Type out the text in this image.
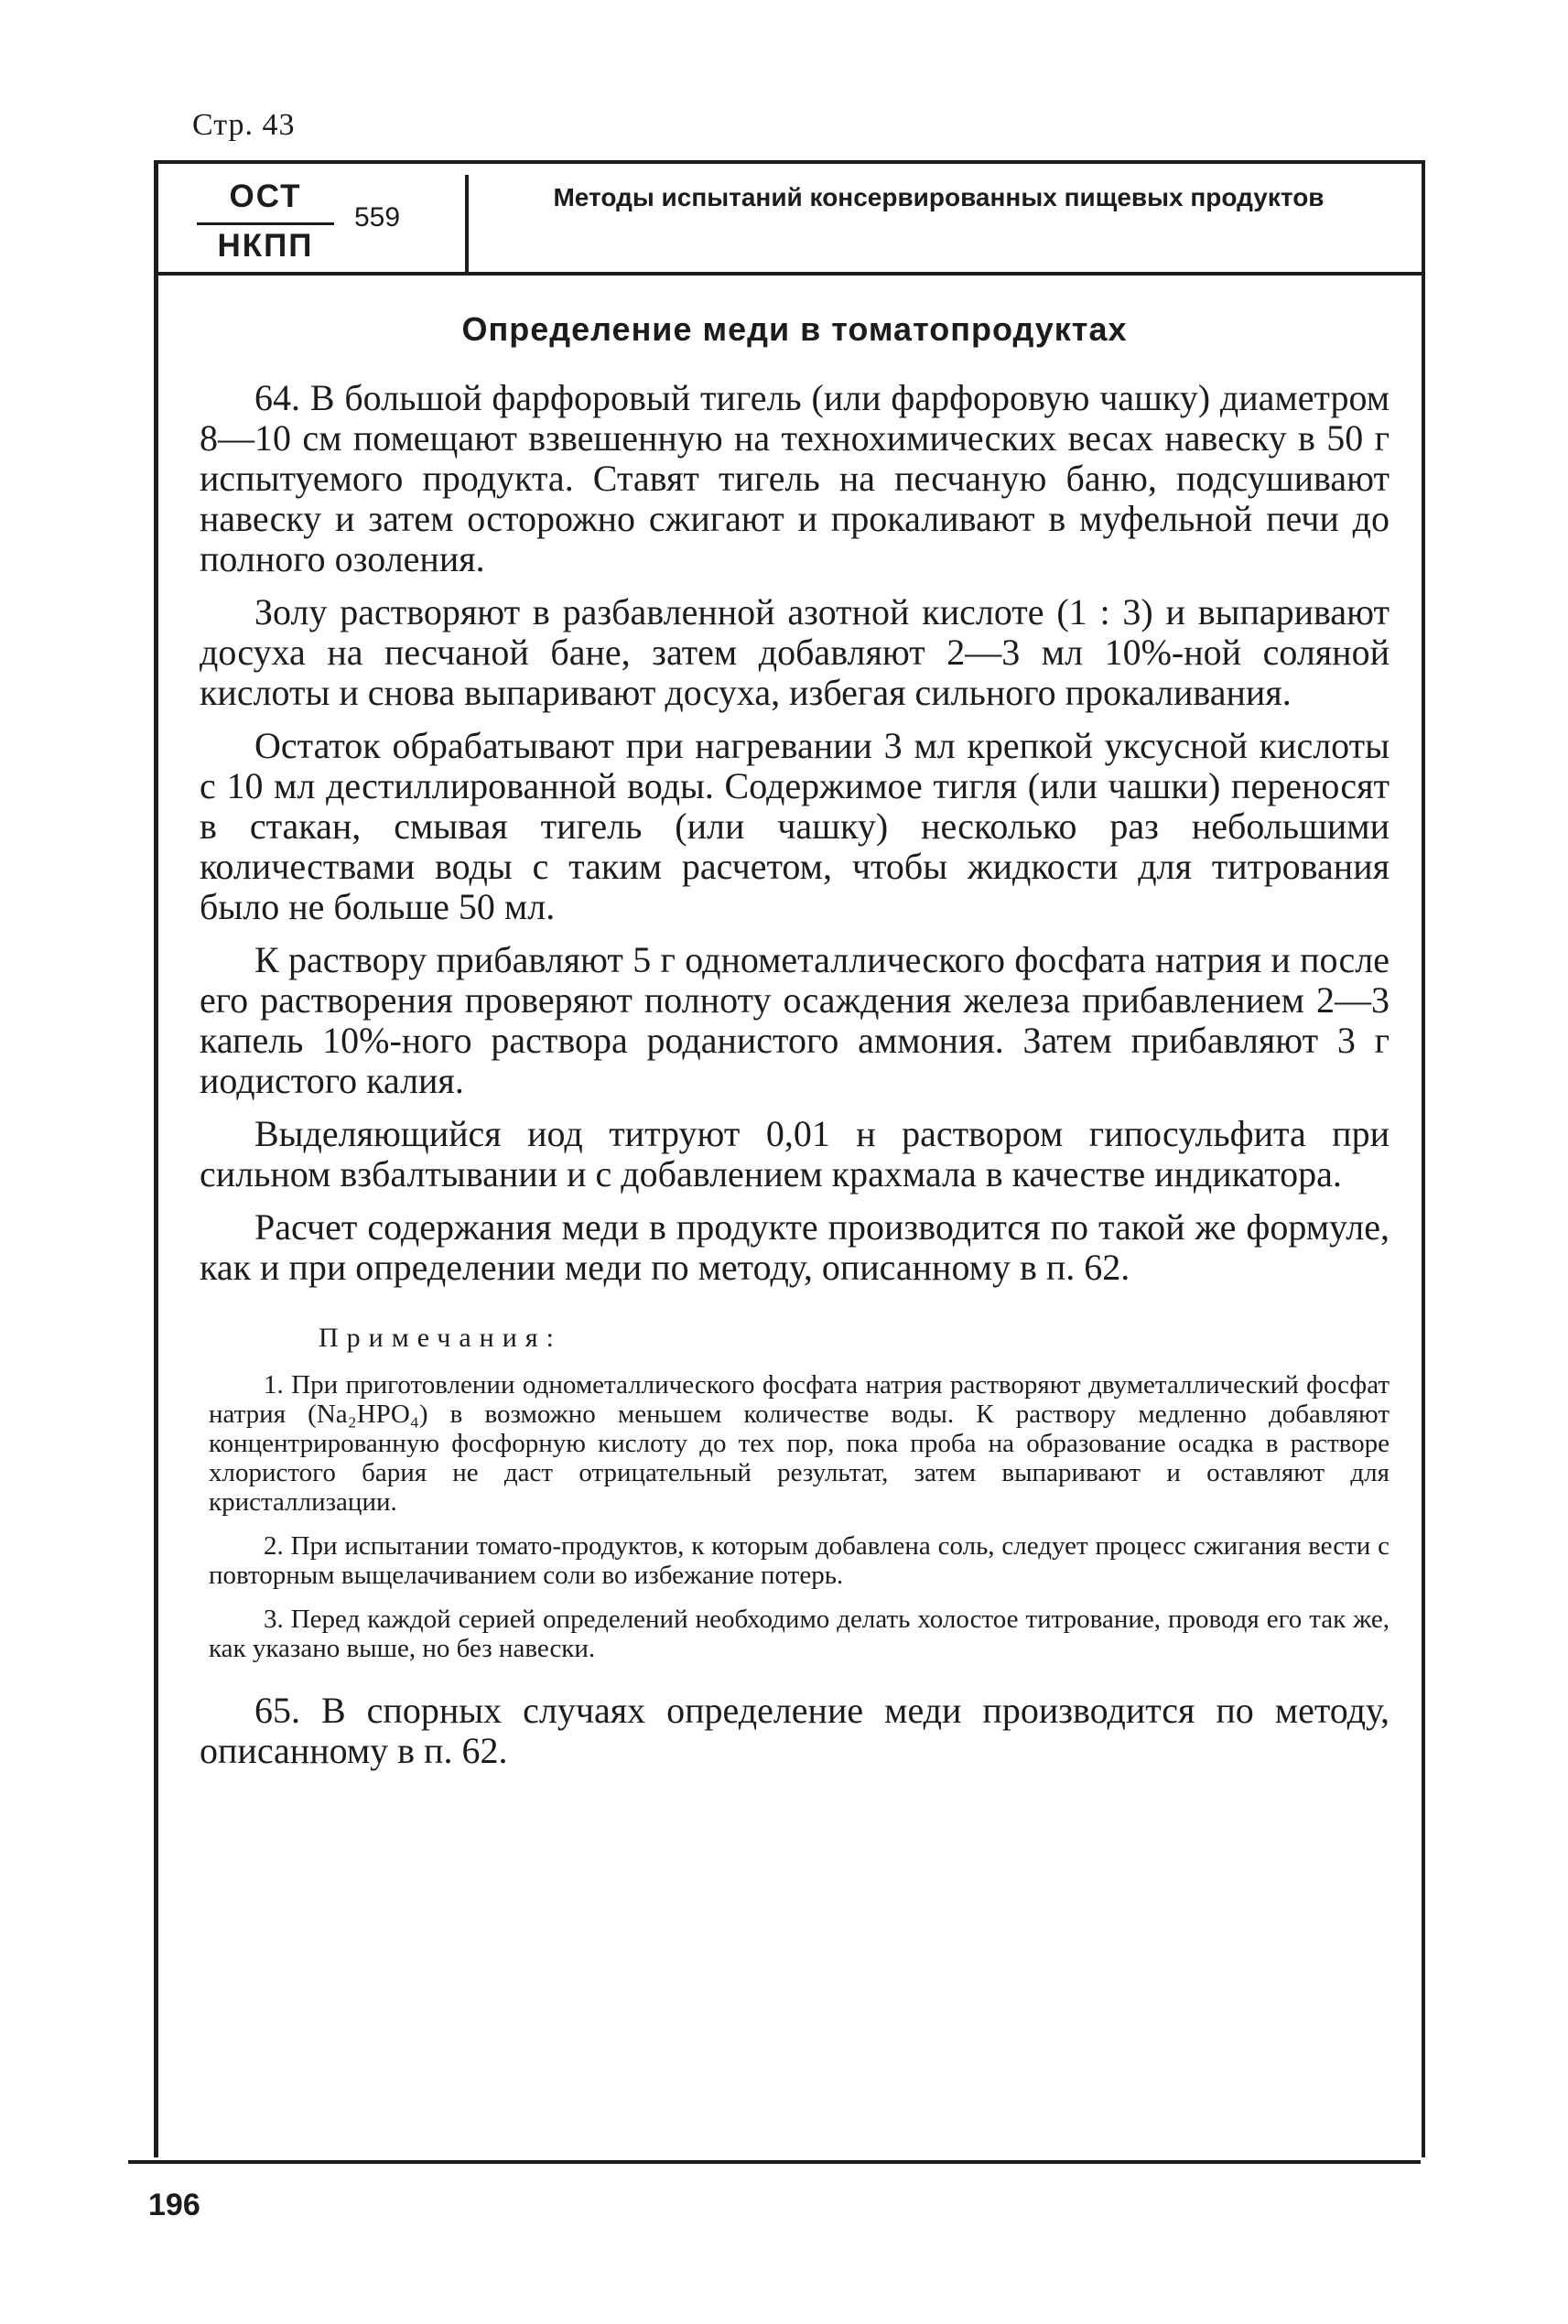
Стр. 43
ОСТ
НКПП
559
Методы испытаний консервированных пищевых продуктов
Определение меди в томатопродуктах

64. В большой фарфоровый тигель (или фарфоровую чашку) диаметром 8—10 см помещают взвешенную на технохимических весах навеску в 50 г испытуемого продукта. Ставят тигель на песчаную баню, подсушивают навеску и затем осторожно сжигают и прокаливают в муфельной печи до полного озоления.

Золу растворяют в разбавленной азотной кислоте (1 : 3) и выпаривают досуха на песчаной бане, затем добавляют 2—3 мл 10%-ной соляной кислоты и снова выпаривают досуха, избегая сильного прокаливания.

Остаток обрабатывают при нагревании 3 мл крепкой уксусной кислоты с 10 мл дестиллированной воды. Содержимое тигля (или чашки) переносят в стакан, смывая тигель (или чашку) несколько раз небольшими количествами воды с таким расчетом, чтобы жидкости для титрования было не больше 50 мл.

К раствору прибавляют 5 г однометаллического фосфата натрия и после его растворения проверяют полноту осаждения железа прибавлением 2—3 капель 10%-ного раствора роданистого аммония. Затем прибавляют 3 г иодистого калия.

Выделяющийся иод титруют 0,01 н раствором гипосульфита при сильном взбалтывании и с добавлением крахмала в качестве индикатора.

Расчет содержания меди в продукте производится по такой же формуле, как и при определении меди по методу, описанному в п. 62.

Примечания:

1. При приготовлении однометаллического фосфата натрия растворяют двуметаллический фосфат натрия (Na₂HPO₄) в возможно меньшем количестве воды. К раствору медленно добавляют концентрированную фосфорную кислоту до тех пор, пока проба на образование осадка в растворе хлористого бария не даст отрицательный результат, затем выпаривают и оставляют для кристаллизации.

2. При испытании томато-продуктов, к которым добавлена соль, следует процесс сжигания вести с повторным выщелачиванием соли во избежание потерь.

3. Перед каждой серией определений необходимо делать холостое титрование, проводя его так же, как указано выше, но без навески.

65. В спорных случаях определение меди производится по методу, описанному в п. 62.

196
